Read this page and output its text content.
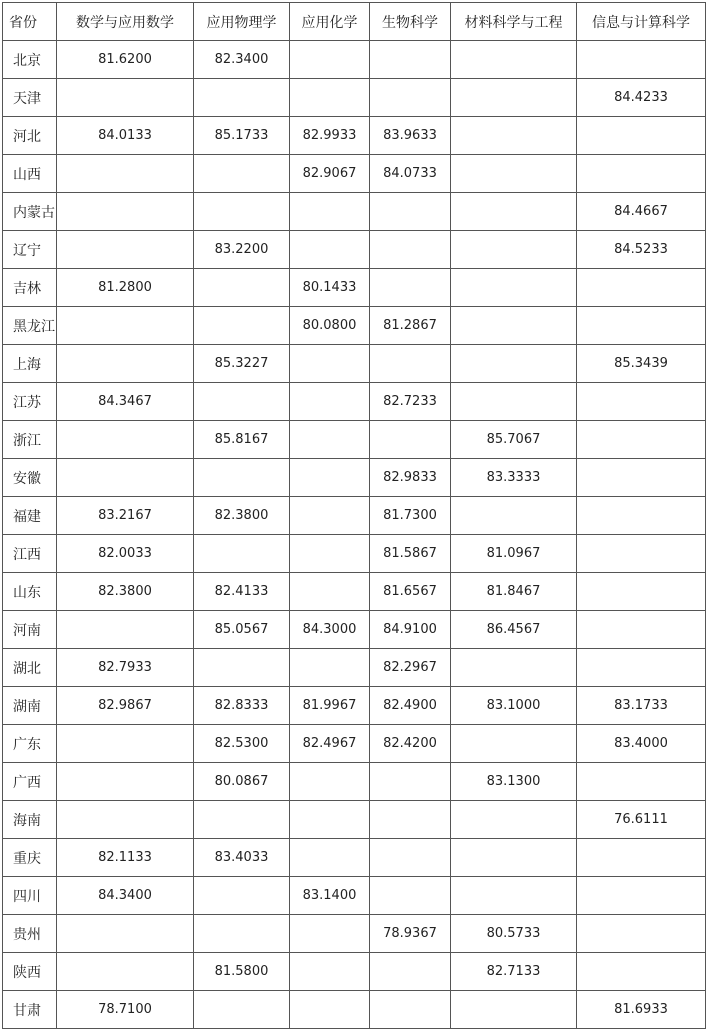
省份	数学与应用数学	应用物理学	应用化学	生物科学	材料科学与工程	信息与计算科学
北京	81.6200	82.3400				
天津						84.4233
河北	84.0133	85.1733	82.9933	83.9633		
山西			82.9067	84.0733		
内蒙古						84.4667
辽宁		83.2200				84.5233
吉林	81.2800		80.1433			
黑龙江			80.0800	81.2867		
上海		85.3227				85.3439
江苏	84.3467			82.7233		
浙江		85.8167			85.7067	
安徽				82.9833	83.3333	
福建	83.2167	82.3800		81.7300		
江西	82.0033			81.5867	81.0967	
山东	82.3800	82.4133		81.6567	81.8467	
河南		85.0567	84.3000	84.9100	86.4567	
湖北	82.7933			82.2967		
湖南	82.9867	82.8333	81.9967	82.4900	83.1000	83.1733
广东		82.5300	82.4967	82.4200		83.4000
广西		80.0867			83.1300	
海南						76.6111
重庆	82.1133	83.4033				
四川	84.3400		83.1400			
贵州				78.9367	80.5733	
陕西		81.5800			82.7133	
甘肃	78.7100					81.6933
